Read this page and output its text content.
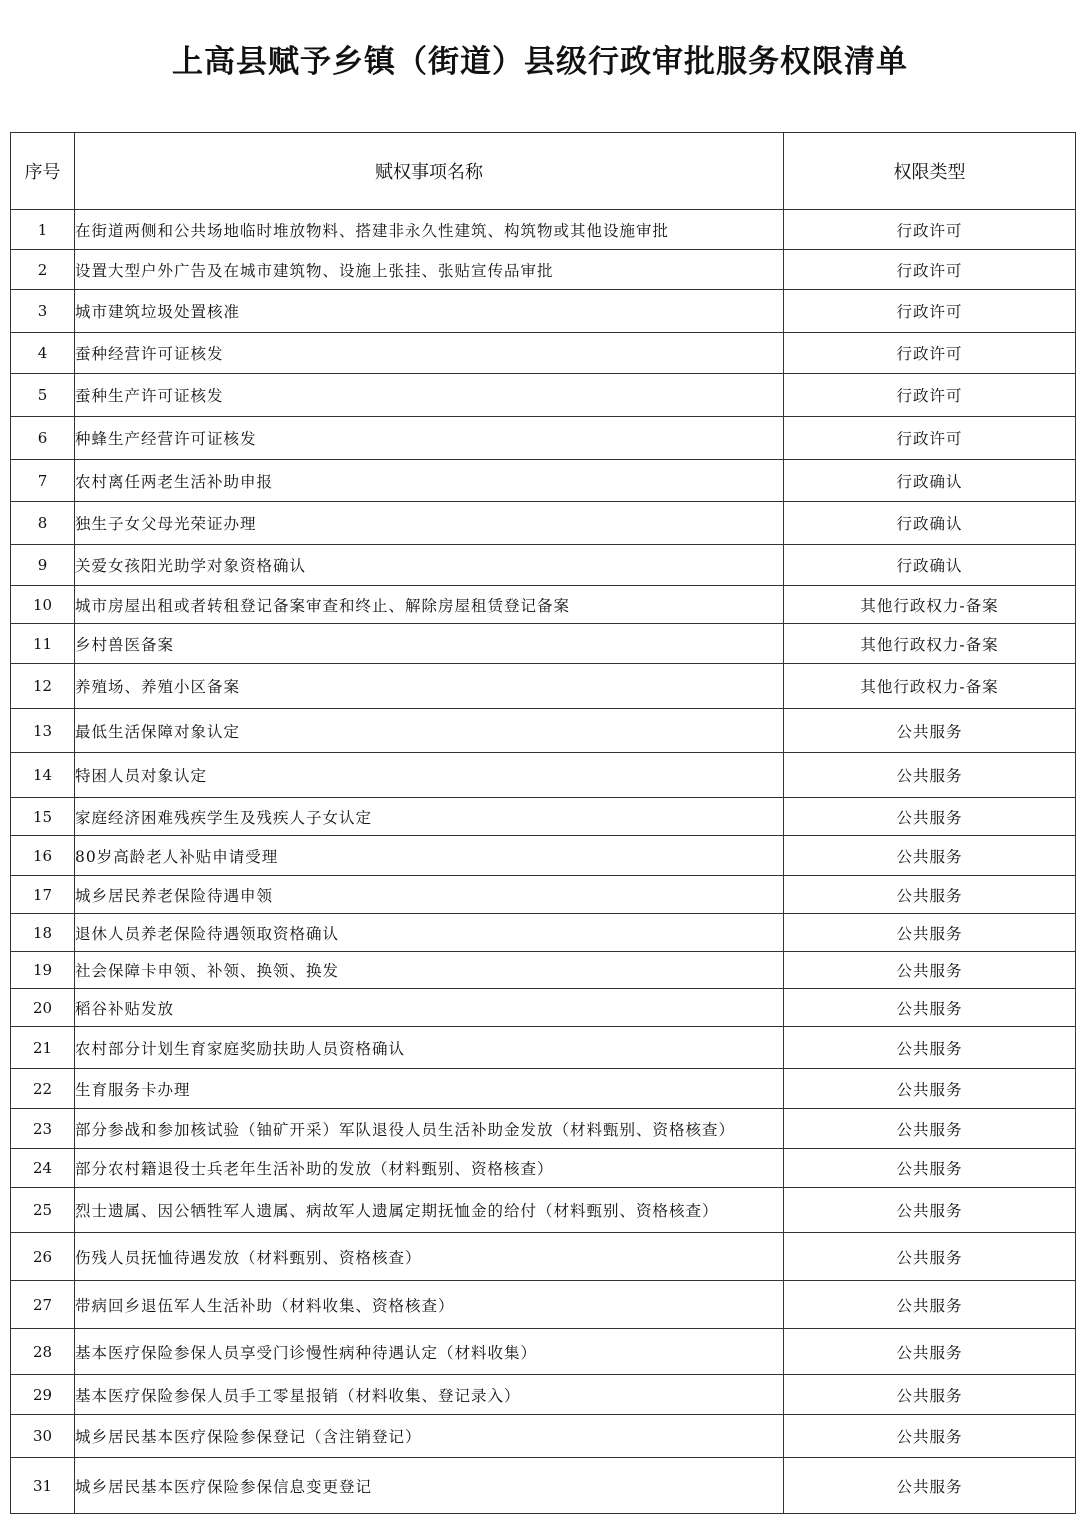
上高县赋予乡镇（街道）县级行政审批服务权限清单
序号	赋权事项名称	权限类型
1	在街道两侧和公共场地临时堆放物料、搭建非永久性建筑、构筑物或其他设施审批	行政许可
2	设置大型户外广告及在城市建筑物、设施上张挂、张贴宣传品审批	行政许可
3	城市建筑垃圾处置核准	行政许可
4	蚕种经营许可证核发	行政许可
5	蚕种生产许可证核发	行政许可
6	种蜂生产经营许可证核发	行政许可
7	农村离任两老生活补助申报	行政确认
8	独生子女父母光荣证办理	行政确认
9	关爱女孩阳光助学对象资格确认	行政确认
10	城市房屋出租或者转租登记备案审查和终止、解除房屋租赁登记备案	其他行政权力-备案
11	乡村兽医备案	其他行政权力-备案
12	养殖场、养殖小区备案	其他行政权力-备案
13	最低生活保障对象认定	公共服务
14	特困人员对象认定	公共服务
15	家庭经济困难残疾学生及残疾人子女认定	公共服务
16	80岁高龄老人补贴申请受理	公共服务
17	城乡居民养老保险待遇申领	公共服务
18	退休人员养老保险待遇领取资格确认	公共服务
19	社会保障卡申领、补领、换领、换发	公共服务
20	稻谷补贴发放	公共服务
21	农村部分计划生育家庭奖励扶助人员资格确认	公共服务
22	生育服务卡办理	公共服务
23	部分参战和参加核试验（铀矿开采）军队退役人员生活补助金发放（材料甄别、资格核查）	公共服务
24	部分农村籍退役士兵老年生活补助的发放（材料甄别、资格核查）	公共服务
25	烈士遗属、因公牺牲军人遗属、病故军人遗属定期抚恤金的给付（材料甄别、资格核查）	公共服务
26	伤残人员抚恤待遇发放（材料甄别、资格核查）	公共服务
27	带病回乡退伍军人生活补助（材料收集、资格核查）	公共服务
28	基本医疗保险参保人员享受门诊慢性病种待遇认定（材料收集）	公共服务
29	基本医疗保险参保人员手工零星报销（材料收集、登记录入）	公共服务
30	城乡居民基本医疗保险参保登记（含注销登记）	公共服务
31	城乡居民基本医疗保险参保信息变更登记	公共服务
